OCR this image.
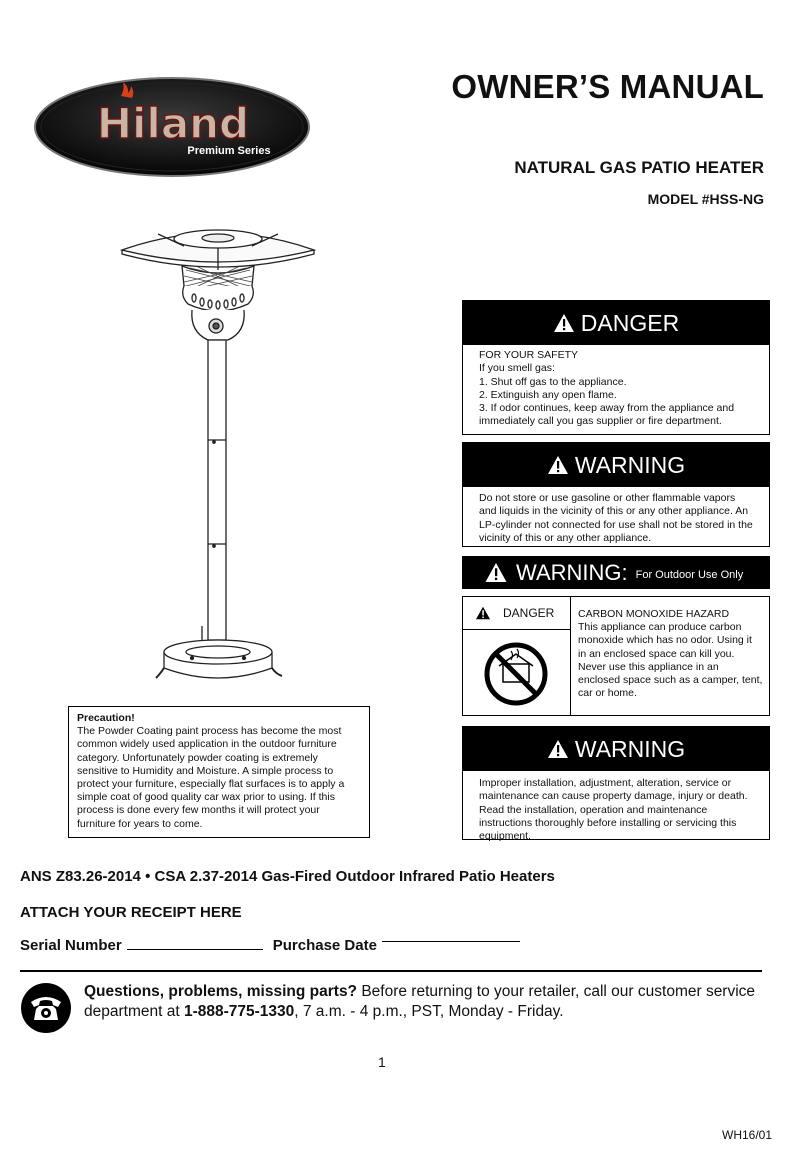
Hiland
Premium Series
OWNER’S MANUAL
NATURAL GAS PATIO HEATER
MODEL #HSS-NG
DANGER
FOR YOUR SAFETY
If you smell gas:
1. Shut off gas to the appliance.
2. Extinguish any open flame.
3. If odor continues, keep away from the appliance and immediately call you gas supplier or fire department.
WARNING
Do not store or use gasoline or other flammable vapors and liquids in the vicinity of this or any other appliance. An LP-cylinder not connected for use shall not be stored in the vicinity of this or any other appliance.
WARNING: For Outdoor Use Only
DANGER CARBON MONOXIDE HAZARD
This appliance can produce carbon monoxide which has no odor. Using it in an enclosed space can kill you. Never use this appliance in an enclosed space such as a camper, tent, car or home.
WARNING
Improper installation, adjustment, alteration, service or maintenance can cause property damage, injury or death. Read the installation, operation and maintenance instructions thoroughly before installing or servicing this equipment.
Precaution!
The Powder Coating paint process has become the most common widely used application in the outdoor furniture category. Unfortunately powder coating is extremely sensitive to Humidity and Moisture. A simple process to protect your furniture, especially flat surfaces is to apply a simple coat of good quality car wax prior to using. If this process is done every few months it will protect your furniture for years to come.
ANS Z83.26-2014 • CSA 2.37-2014 Gas-Fired Outdoor Infrared Patio Heaters
ATTACH YOUR RECEIPT HERE
Serial Number	Purchase Date
Questions, problems, missing parts? Before returning to your retailer, call our customer service department at 1-888-775-1330, 7 a.m. - 4 p.m., PST, Monday - Friday.
1
WH16/01
